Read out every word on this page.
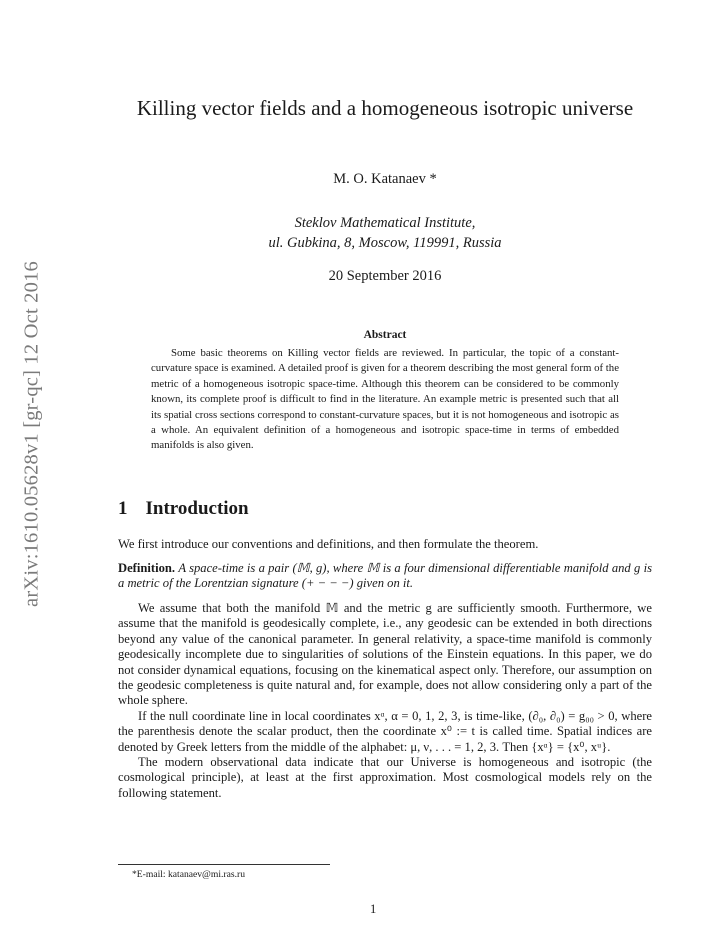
arXiv:1610.05628v1 [gr-qc] 12 Oct 2016
Killing vector fields and a homogeneous isotropic universe
M. O. Katanaev *
Steklov Mathematical Institute,
ul. Gubkina, 8, Moscow, 119991, Russia
20 September 2016
Abstract
Some basic theorems on Killing vector fields are reviewed. In particular, the topic of a constant-curvature space is examined. A detailed proof is given for a theorem describing the most general form of the metric of a homogeneous isotropic space-time. Although this theorem can be considered to be commonly known, its complete proof is difficult to find in the literature. An example metric is presented such that all its spatial cross sections correspond to constant-curvature spaces, but it is not homogeneous and isotropic as a whole. An equivalent definition of a homogeneous and isotropic space-time in terms of embedded manifolds is also given.
1 Introduction
We first introduce our conventions and definitions, and then formulate the theorem.
Definition. A space-time is a pair (𝕄, g), where 𝕄 is a four dimensional differentiable manifold and g is a metric of the Lorentzian signature (+ − − −) given on it.

We assume that both the manifold 𝕄 and the metric g are sufficiently smooth. Furthermore, we assume that the manifold is geodesically complete, i.e., any geodesic can be extended in both directions beyond any value of the canonical parameter. In general relativity, a space-time manifold is commonly geodesically incomplete due to singularities of solutions of the Einstein equations. In this paper, we do not consider dynamical equations, focusing on the kinematical aspect only. Therefore, our assumption on the geodesic completeness is quite natural and, for example, does not allow considering only a part of the whole sphere.

If the null coordinate line in local coordinates xᵅ, α = 0, 1, 2, 3, is time-like, (∂₀, ∂₀) = g₀₀ > 0, where the parenthesis denote the scalar product, then the coordinate x⁰ := t is called time. Spatial indices are denoted by Greek letters from the middle of the alphabet: μ, ν, . . . = 1, 2, 3. Then {xᵅ} = {x⁰, xᵘ}.

The modern observational data indicate that our Universe is homogeneous and isotropic (the cosmological principle), at least at the first approximation. Most cosmological models rely on the following statement.

*E-mail: katanaev@mi.ras.ru
1
